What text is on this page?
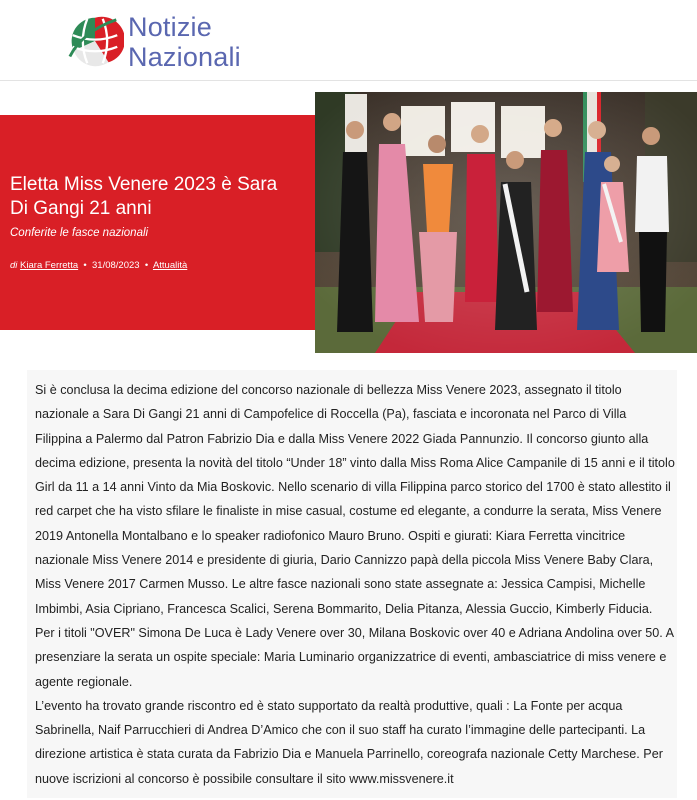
Notizie
Nazionali
Eletta Miss Venere 2023 è Sara Di Gangi 21 anni
Conferite le fasce nazionali
di Kiara Ferretta • 31/08/2023 • Attualità

Si è conclusa la decima edizione del concorso nazionale di bellezza Miss Venere 2023, assegnato il titolo nazionale a Sara Di Gangi 21 anni di Campofelice di Roccella (Pa), fasciata e incoronata nel Parco di Villa Filippina a Palermo dal Patron Fabrizio Dia e dalla Miss Venere 2022 Giada Pannunzio. Il concorso giunto alla decima edizione, presenta la novità del titolo “Under 18” vinto dalla Miss Roma Alice Campanile di 15 anni e il titolo Girl da 11 a 14 anni Vinto da Mia Boskovic. Nello scenario di villa Filippina parco storico del 1700 è stato allestito il red carpet che ha visto sfilare le finaliste in mise casual, costume ed elegante, a condurre la serata, Miss Venere 2019 Antonella Montalbano e lo speaker radiofonico Mauro Bruno. Ospiti e giurati: Kiara Ferretta vincitrice nazionale Miss Venere 2014 e presidente di giuria, Dario Cannizzo papà della piccola Miss Venere Baby Clara, Miss Venere 2017 Carmen Musso. Le altre fasce nazionali sono state assegnate a: Jessica Campisi, Michelle Imbimbi, Asia Cipriano, Francesca Scalici, Serena Bommarito, Delia Pitanza, Alessia Guccio, Kimberly Fiducia.

Per i titoli "OVER" Simona De Luca è Lady Venere over 30, Milana Boskovic over 40 e Adriana Andolina over 50. A presenziare la serata un ospite speciale: Maria Luminario organizzatrice di eventi, ambasciatrice di miss venere e agente regionale.

L’evento ha trovato grande riscontro ed è stato supportato da realtà produttive, quali : La Fonte per acqua Sabrinella, Naif Parrucchieri di Andrea D’Amico che con il suo staff ha curato l’immagine delle partecipanti. La direzione artistica è stata curata da Fabrizio Dia e Manuela Parrinello, coreografa nazionale Cetty Marchese. Per nuove iscrizioni al concorso è possibile consultare il sito www.missvenere.it
